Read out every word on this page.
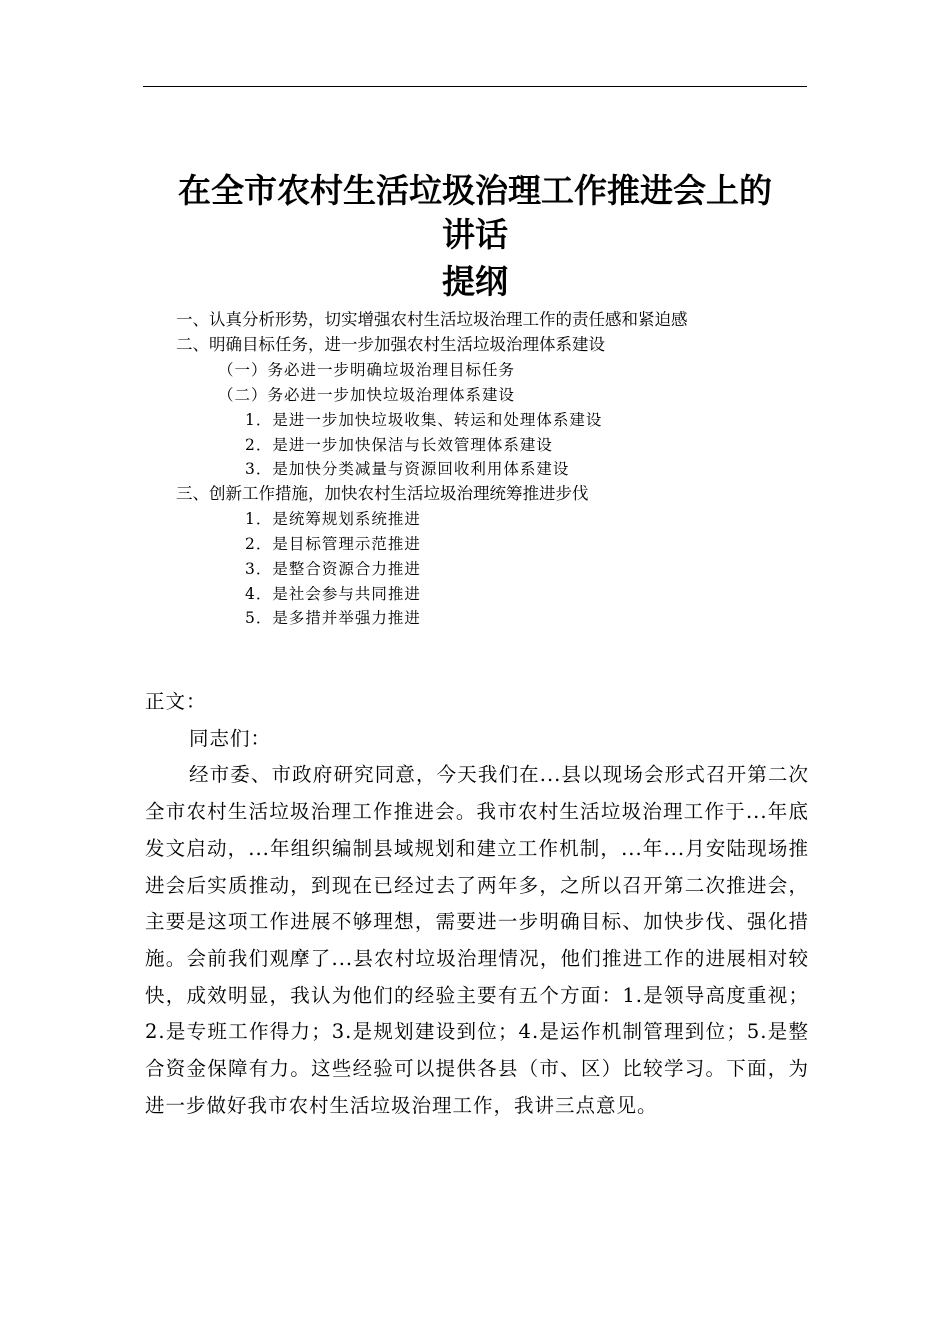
在全市农村生活垃圾治理工作推进会上的
讲话
提纲
一、认真分析形势，切实增强农村生活垃圾治理工作的责任感和紧迫感
二、明确目标任务，进一步加强农村生活垃圾治理体系建设
（一）务必进一步明确垃圾治理目标任务
（二）务必进一步加快垃圾治理体系建设
1．是进一步加快垃圾收集、转运和处理体系建设
2．是进一步加快保洁与长效管理体系建设
3．是加快分类减量与资源回收利用体系建设
三、创新工作措施，加快农村生活垃圾治理统筹推进步伐
1．是统筹规划系统推进
2．是目标管理示范推进
3．是整合资源合力推进
4．是社会参与共同推进
5．是多措并举强力推进

正文：

同志们：

经市委、市政府研究同意，今天我们在...县以现场会形式召开第二次全市农村生活垃圾治理工作推进会。我市农村生活垃圾治理工作于...年底发文启动，...年组织编制县域规划和建立工作机制，...年...月安陆现场推进会后实质推动，到现在已经过去了两年多，之所以召开第二次推进会，主要是这项工作进展不够理想，需要进一步明确目标、加快步伐、强化措施。会前我们观摩了...县农村垃圾治理情况，他们推进工作的进展相对较快，成效明显，我认为他们的经验主要有五个方面：1.是领导高度重视；2.是专班工作得力；3.是规划建设到位；4.是运作机制管理到位；5.是整合资金保障有力。这些经验可以提供各县（市、区）比较学习。下面，为进一步做好我市农村生活垃圾治理工作，我讲三点意见。
